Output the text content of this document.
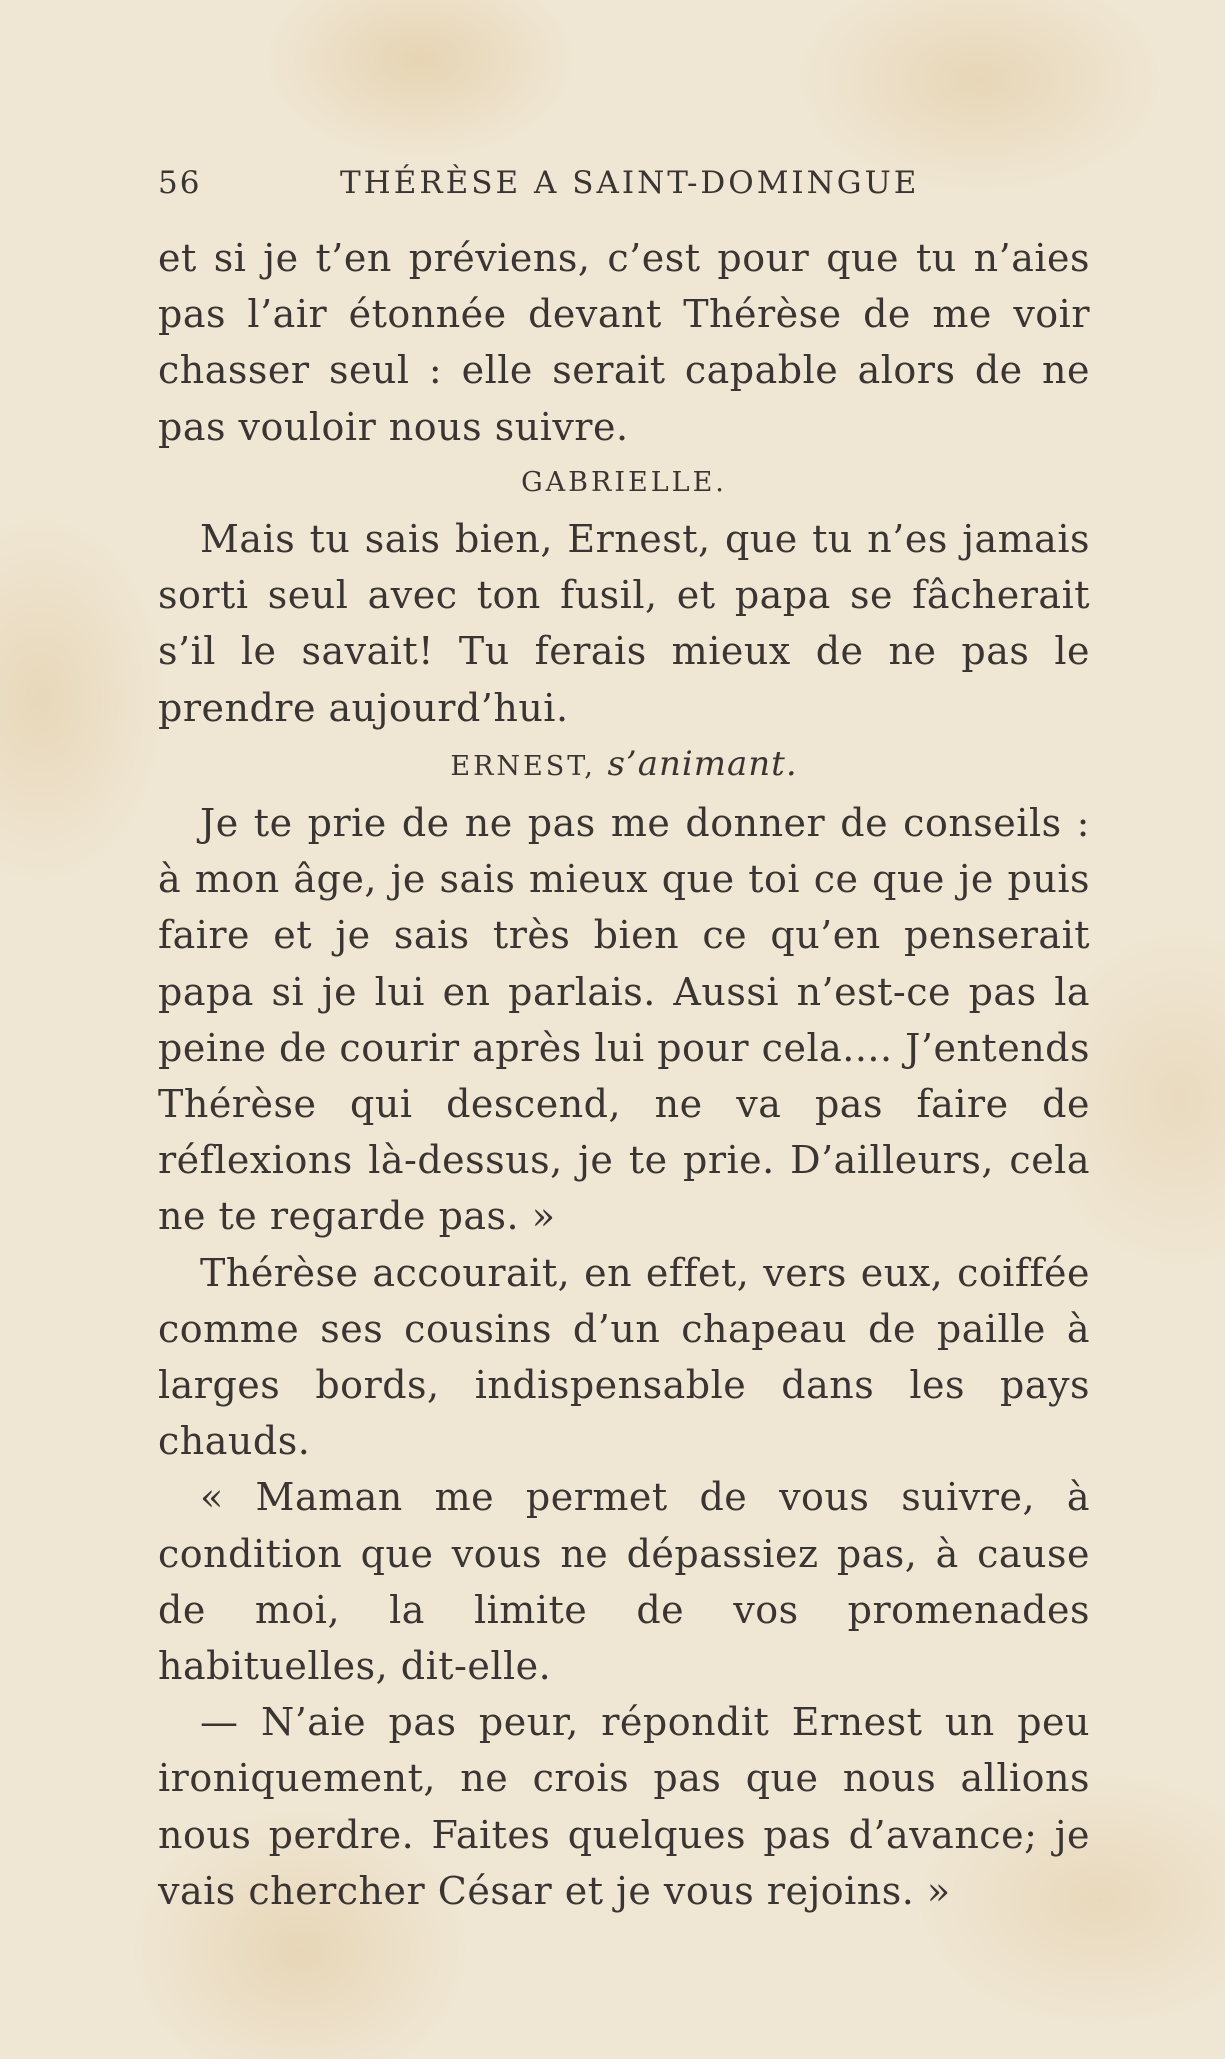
56	THÉRÈSE A SAINT-DOMINGUE

et si je t’en préviens, c’est pour que tu n’aies pas l’air étonnée devant Thérèse de me voir chasser seul : elle serait capable alors de ne pas vouloir nous suivre.

GABRIELLE.

Mais tu sais bien, Ernest, que tu n’es jamais sorti seul avec ton fusil, et papa se fâcherait s’il le savait! Tu ferais mieux de ne pas le prendre aujourd’hui.

ERNEST, s’animant.

Je te prie de ne pas me donner de conseils : à mon âge, je sais mieux que toi ce que je puis faire et je sais très bien ce qu’en penserait papa si je lui en parlais. Aussi n’est-ce pas la peine de courir après lui pour cela.... J’entends Thérèse qui descend, ne va pas faire de réflexions là-dessus, je te prie. D’ailleurs, cela ne te regarde pas. »

Thérèse accourait, en effet, vers eux, coiffée comme ses cousins d’un chapeau de paille à larges bords, indispensable dans les pays chauds.

« Maman me permet de vous suivre, à condition que vous ne dépassiez pas, à cause de moi, la limite de vos promenades habituelles, dit-elle.

— N’aie pas peur, répondit Ernest un peu ironiquement, ne crois pas que nous allions nous perdre. Faites quelques pas d’avance; je vais chercher César et je vous rejoins. »
